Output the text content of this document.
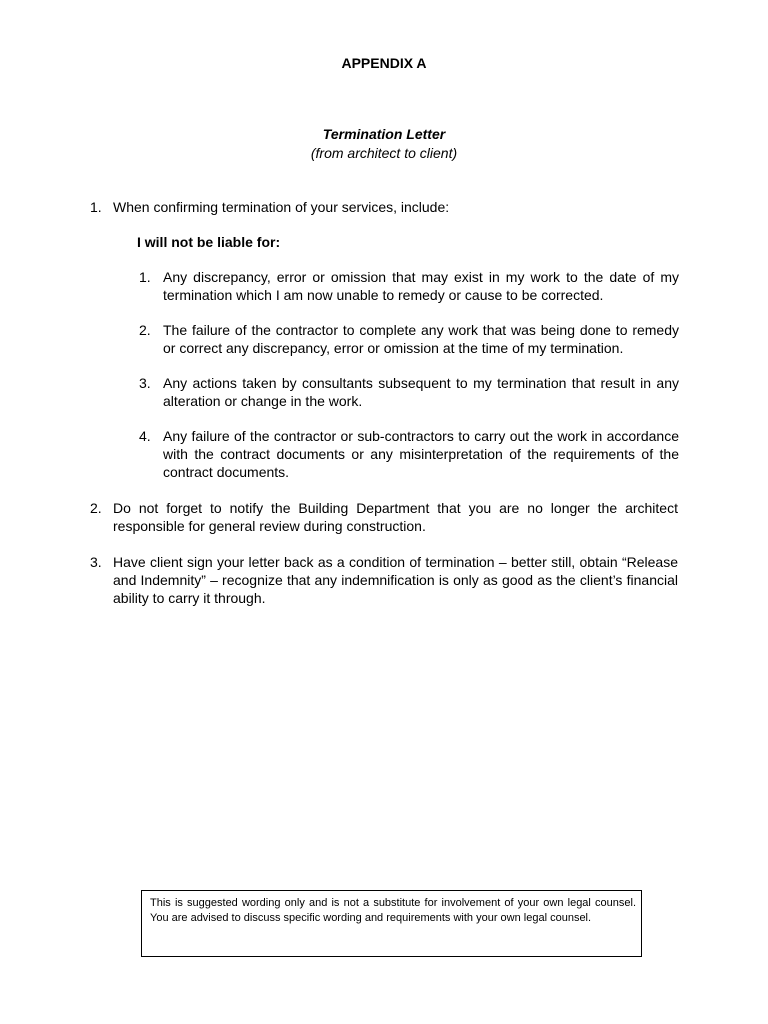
APPENDIX A
Termination Letter
(from architect to client)
1. When confirming termination of your services, include:
I will not be liable for:
1. Any discrepancy, error or omission that may exist in my work to the date of my termination which I am now unable to remedy or cause to be corrected.
2. The failure of the contractor to complete any work that was being done to remedy or correct any discrepancy, error or omission at the time of my termination.
3. Any actions taken by consultants subsequent to my termination that result in any alteration or change in the work.
4. Any failure of the contractor or sub-contractors to carry out the work in accordance with the contract documents or any misinterpretation of the requirements of the contract documents.
2. Do not forget to notify the Building Department that you are no longer the architect responsible for general review during construction.
3. Have client sign your letter back as a condition of termination – better still, obtain “Release and Indemnity” – recognize that any indemnification is only as good as the client’s financial ability to carry it through.
This is suggested wording only and is not a substitute for involvement of your own legal counsel. You are advised to discuss specific wording and requirements with your own legal counsel.
